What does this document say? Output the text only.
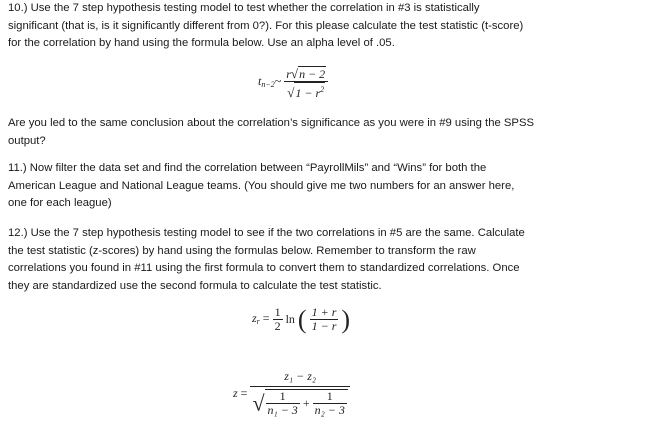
10.) Use the 7 step hypothesis testing model to test whether the correlation in #3 is statistically

significant (that is, is it significantly different from 0?). For this please calculate the test statistic (t-score)

for the correlation by hand using the formula below. Use an alpha level of .05.

$t_{n-2}\sim \frac{r√n - 2}{√1 - r^2}$

Are you led to the same conclusion about the correlation’s significance as you were in #9 using the SPSS

output?

11.) Now filter the data set and find the correlation between “PayrollMils” and “Wins” for both the

American League and National League teams. (You should give me two numbers for an answer here,

one for each league)

12.) Use the 7 step hypothesis testing model to see if the two correlations in #5 are the same. Calculate

the test statistic (z-scores) by hand using the formulas below. Remember to transform the raw

correlations you found in #11 using the first formula to convert them to standardized correlations. Once

they are standardized use the second formula to calculate the test statistic.

$z_r = \frac{1}{2}$ ln ( $\frac{1 + r}{1 - r}$ )
z =
z₁ − z₂
√ $\frac{1}{\text{n₁ − 3}} + \frac{1}{\text{n₂ − 3}}$
